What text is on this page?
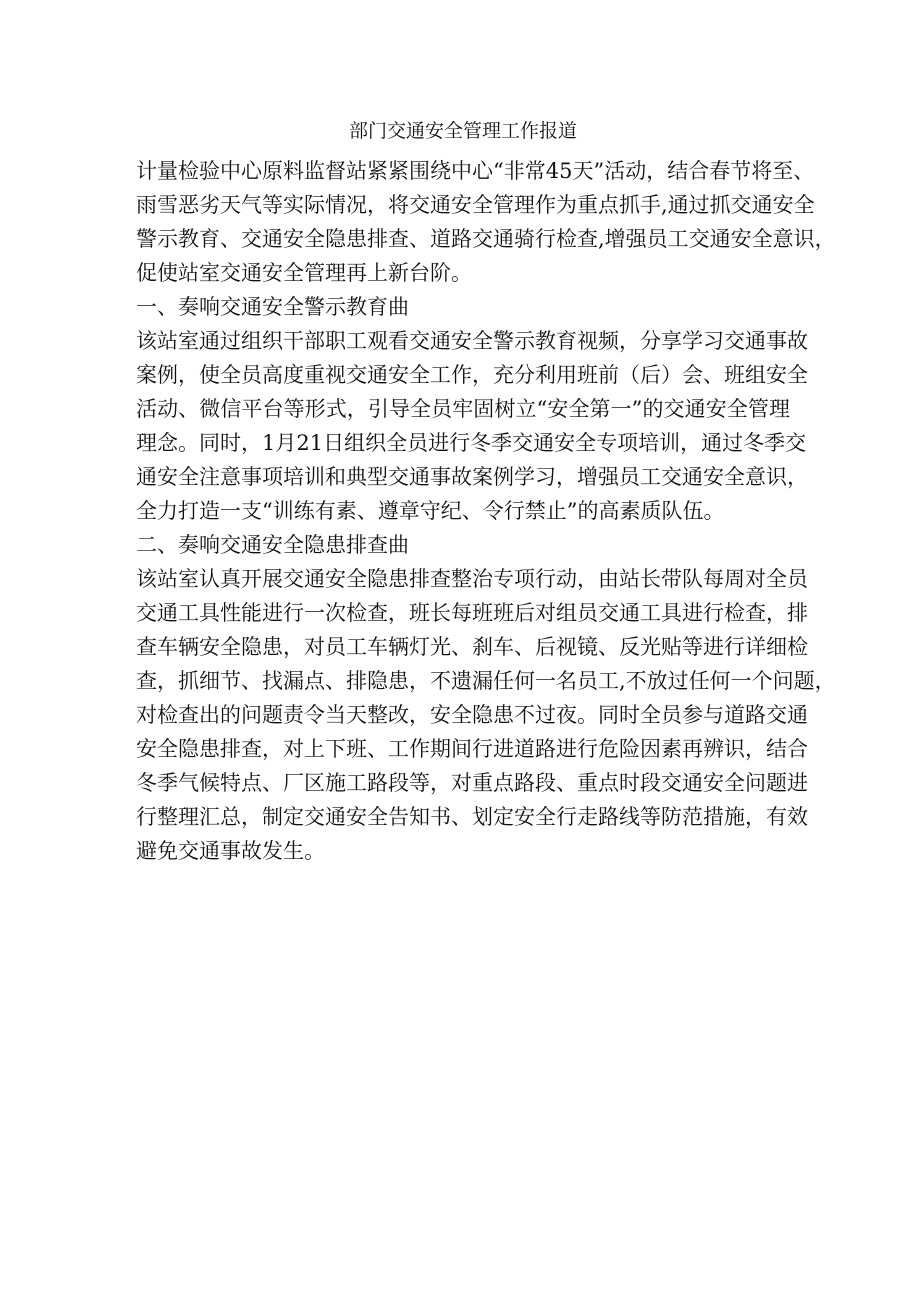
部门交通安全管理工作报道
计量检验中心原料监督站紧紧围绕中心“非常45天”活动，结合春节将至、
雨雪恶劣天气等实际情况，将交通安全管理作为重点抓手,通过抓交通安全
警示教育、交通安全隐患排查、道路交通骑行检查,增强员工交通安全意识，
促使站室交通安全管理再上新台阶。
一、奏响交通安全警示教育曲
该站室通过组织干部职工观看交通安全警示教育视频，分享学习交通事故
案例，使全员高度重视交通安全工作，充分利用班前（后）会、班组安全
活动、微信平台等形式，引导全员牢固树立“安全第一”的交通安全管理
理念。同时，1月21日组织全员进行冬季交通安全专项培训，通过冬季交
通安全注意事项培训和典型交通事故案例学习，增强员工交通安全意识，
全力打造一支“训练有素、遵章守纪、令行禁止”的高素质队伍。
二、奏响交通安全隐患排查曲
该站室认真开展交通安全隐患排查整治专项行动，由站长带队每周对全员
交通工具性能进行一次检查，班长每班班后对组员交通工具进行检查，排
查车辆安全隐患，对员工车辆灯光、刹车、后视镜、反光贴等进行详细检
查，抓细节、找漏点、排隐患，不遗漏任何一名员工,不放过任何一个问题，
对检查出的问题责令当天整改，安全隐患不过夜。同时全员参与道路交通
安全隐患排查，对上下班、工作期间行进道路进行危险因素再辨识，结合
冬季气候特点、厂区施工路段等，对重点路段、重点时段交通安全问题进
行整理汇总，制定交通安全告知书、划定安全行走路线等防范措施，有效
避免交通事故发生。
